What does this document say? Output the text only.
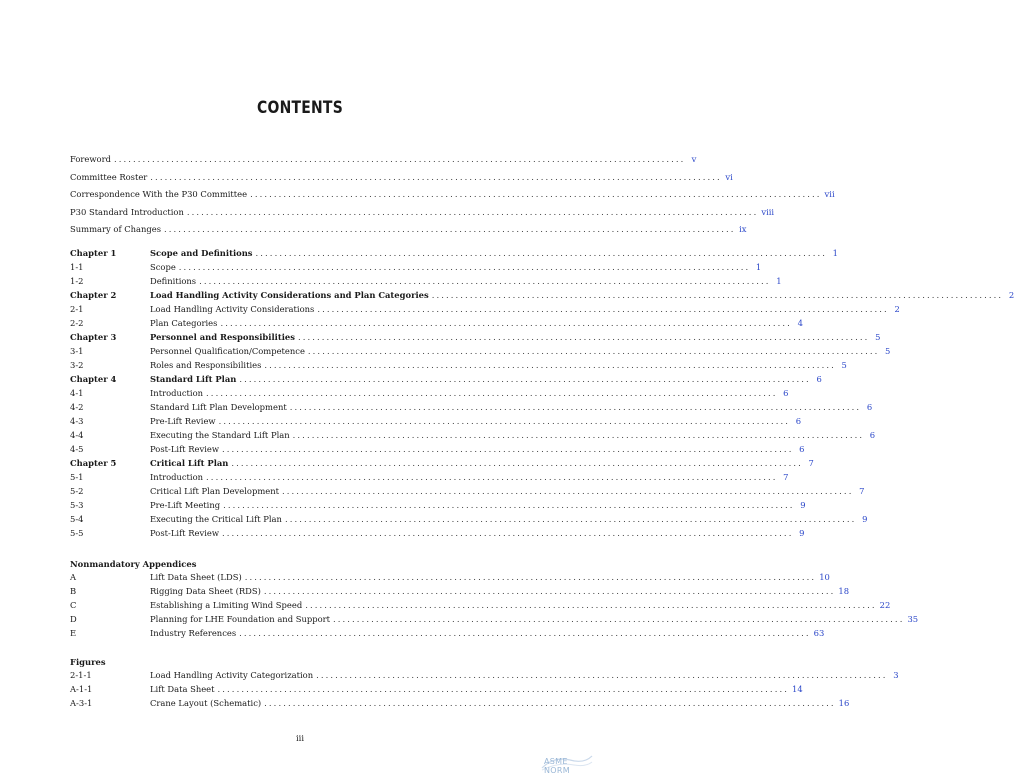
CONTENTS
Foreword ........................................................................................................................ v
Committee Roster ........................................................................................................................ vi
Correspondence With the P30 Committee ........................................................................................................................ vii
P30 Standard Introduction ........................................................................................................................ viii
Summary of Changes ........................................................................................................................ ix
Chapter 1	Scope and Definitions ........................................................................................................................ 1
1-1	Scope ........................................................................................................................ 1
1-2	Definitions ........................................................................................................................ 1
Chapter 2	Load Handling Activity Considerations and Plan Categories ........................................................................................................................ 2
2-1	Load Handling Activity Considerations ........................................................................................................................ 2
2-2	Plan Categories ........................................................................................................................ 4
Chapter 3	Personnel and Responsibilities ........................................................................................................................ 5
3-1	Personnel Qualification/Competence ........................................................................................................................ 5
3-2	Roles and Responsibilities ........................................................................................................................ 5
Chapter 4	Standard Lift Plan ........................................................................................................................ 6
4-1	Introduction ........................................................................................................................ 6
4-2	Standard Lift Plan Development ........................................................................................................................ 6
4-3	Pre-Lift Review ........................................................................................................................ 6
4-4	Executing the Standard Lift Plan ........................................................................................................................ 6
4-5	Post-Lift Review ........................................................................................................................ 6
Chapter 5	Critical Lift Plan ........................................................................................................................ 7
5-1	Introduction ........................................................................................................................ 7
5-2	Critical Lift Plan Development ........................................................................................................................ 7
5-3	Pre-Lift Meeting ........................................................................................................................ 9
5-4	Executing the Critical Lift Plan ........................................................................................................................ 9
5-5	Post-Lift Review ........................................................................................................................ 9
A	Lift Data Sheet (LDS) ........................................................................................................................ 10
B	Rigging Data Sheet (RDS) ........................................................................................................................ 18
C	Establishing a Limiting Wind Speed ........................................................................................................................ 22
D	Planning for LHE Foundation and Support ........................................................................................................................ 35
E	Industry References ........................................................................................................................ 63
2-1-1	Load Handling Activity Categorization ........................................................................................................................ 3
A-1-1	Lift Data Sheet ........................................................................................................................ 14
A-3-1	Crane Layout (Schematic) ........................................................................................................................ 16
Nonmandatory Appendices
Figures
iii
ASME NORM
